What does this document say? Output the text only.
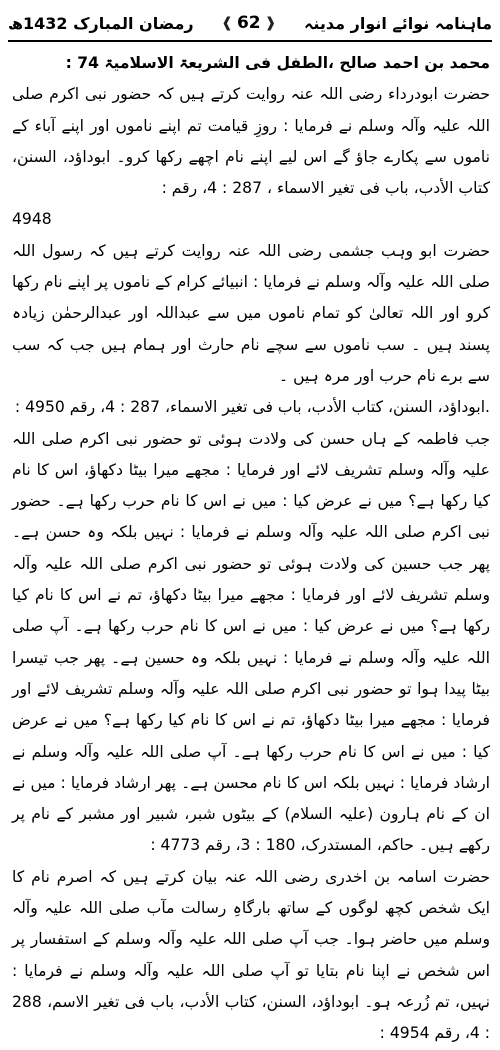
ماہنامہ نوائے انوار مدینہ
❰
62
❱
رمضان المبارک 1432ھ

محمد بن احمد صالح ،الطفل فی الشریعۃ الاسلامیۃ 74 :

حضرت ابودرداء رضی اللہ عنہ روایت کرتے ہیں کہ حضور نبی اکرم صلی اللہ علیہ وآلہ وسلم نے فرمایا : روزِ قیامت تم اپنے ناموں اور اپنے آباء کے ناموں سے پکارے جاؤ گے اس لیے اپنے نام اچھے رکھا کرو۔ ابوداؤد، السنن، کتاب الأدب، باب فی تغیر الاسماء ، 287 : 4، رقم :

4948

حضرت ابو وہب جشمی رضی اللہ عنہ روایت کرتے ہیں کہ رسول اللہ صلی اللہ علیہ وآلہ وسلم نے فرمایا : انبیائے کرام کے ناموں پر اپنے نام رکھا کرو اور اللہ تعالیٰ کو تمام ناموں میں سے عبداللہ اور عبدالرحمٰن زیادہ پسند ہیں ۔ سب ناموں سے سچے نام حارث اور ہمام ہیں جب کہ سب سے برے نام حرب اور مرہ ہیں ۔

.ابوداؤد، السنن، کتاب الأدب، باب فی تغیر الاسماء، 287 : 4، رقم 4950 :

جب فاطمہ کے ہاں حسن کی ولادت ہوئی تو حضور نبی اکرم صلی اللہ علیہ وآلہ وسلم تشریف لائے اور فرمایا : مجھے میرا بیٹا دکھاؤ، اس کا نام کیا رکھا ہے؟ میں نے عرض کیا : میں نے اس کا نام حرب رکھا ہے۔ حضور نبی اکرم صلی اللہ علیہ وآلہ وسلم نے فرمایا : نہیں بلکہ وہ حسن ہے۔ پھر جب حسین کی ولادت ہوئی تو حضور نبی اکرم صلی اللہ علیہ وآلہ وسلم تشریف لائے اور فرمایا : مجھے میرا بیٹا دکھاؤ، تم نے اس کا نام کیا رکھا ہے؟ میں نے عرض کیا : میں نے اس کا نام حرب رکھا ہے۔ آپ صلی اللہ علیہ وآلہ وسلم نے فرمایا : نہیں بلکہ وہ حسین ہے۔ پھر جب تیسرا بیٹا پیدا ہوا تو حضور نبی اکرم صلی اللہ علیہ وآلہ وسلم تشریف لائے اور فرمایا : مجھے میرا بیٹا دکھاؤ، تم نے اس کا نام کیا رکھا ہے؟ میں نے عرض کیا : میں نے اس کا نام حرب رکھا ہے۔ آپ صلی اللہ علیہ وآلہ وسلم نے ارشاد فرمایا : نہیں بلکہ اس کا نام محسن ہے۔ پھر ارشاد فرمایا : میں نے ان کے نام ہارون (علیہ السلام) کے بیٹوں شبر، شبیر اور مشبر کے نام پر رکھے ہیں۔ حاکم، المستدرک، 180 : 3، رقم 4773 :

حضرت اسامہ بن اخدری رضی اللہ عنہ بیان کرتے ہیں کہ اصرم نام کا ایک شخص کچھ لوگوں کے ساتھ بارگاہِ رسالت مآب صلی اللہ علیہ وآلہ وسلم میں حاضر ہوا۔ جب آپ صلی اللہ علیہ وآلہ وسلم کے استفسار پر اس شخص نے اپنا نام بتایا تو آپ صلی اللہ علیہ وآلہ وسلم نے فرمایا : نہیں، تم زُرعہ ہو۔ ابوداؤد، السنن، کتاب الأدب، باب فی تغیر الاسم، 288 : 4، رقم 4954 :
